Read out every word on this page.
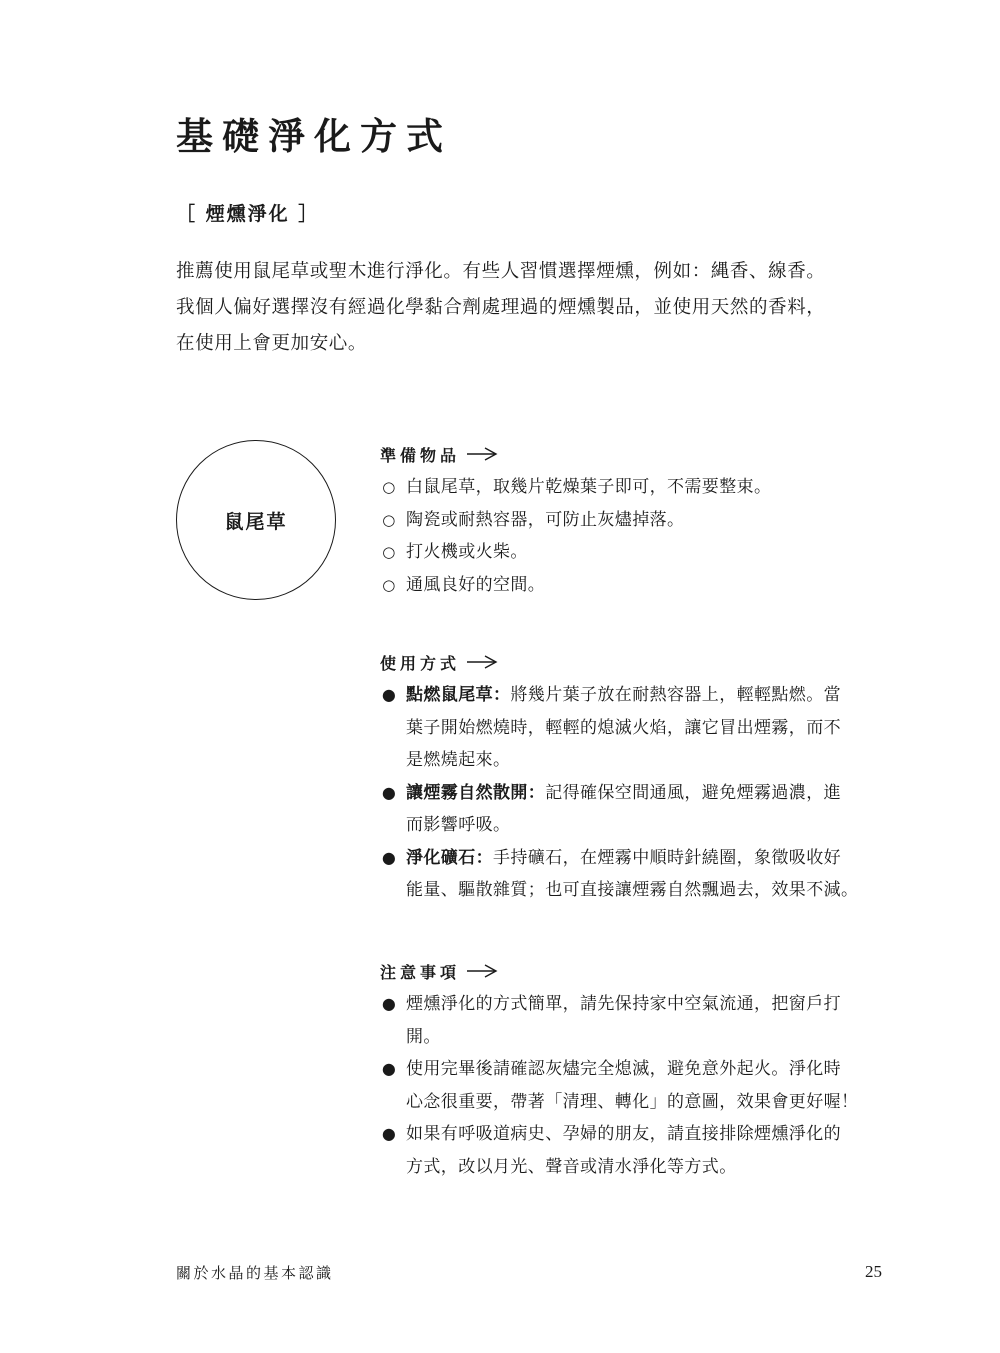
基礎淨化方式
［ 煙燻淨化 ］

推薦使用鼠尾草或聖木進行淨化。有些人習慣選擇煙燻，例如：縄香、線香。
我個人偏好選擇沒有經過化學黏合劑處理過的煙燻製品，並使用天然的香料，
在使用上會更加安心。

鼠尾草
準備物品
○ 白鼠尾草，取幾片乾燥葉子即可，不需要整束。
○ 陶瓷或耐熱容器，可防止灰燼掉落。
○ 打火機或火柴。
○ 通風良好的空間。
使用方式
● 點燃鼠尾草：將幾片葉子放在耐熱容器上，輕輕點燃。當
葉子開始燃燒時，輕輕的熄滅火焰，讓它冒出煙霧，而不
是燃燒起來。
● 讓煙霧自然散開：記得確保空間通風，避免煙霧過濃，進
而影響呼吸。
● 淨化礦石：手持礦石，在煙霧中順時針繞圈，象徵吸收好
能量、驅散雜質；也可直接讓煙霧自然飄過去，效果不減。
注意事項
● 煙燻淨化的方式簡單，請先保持家中空氣流通，把窗戶打
開。
● 使用完畢後請確認灰燼完全熄滅，避免意外起火。淨化時
心念很重要，帶著「清理、轉化」的意圖，效果會更好喔！
● 如果有呼吸道病史、孕婦的朋友，請直接排除煙燻淨化的
方式，改以月光、聲音或清水淨化等方式。
關於水晶的基本認識	25
